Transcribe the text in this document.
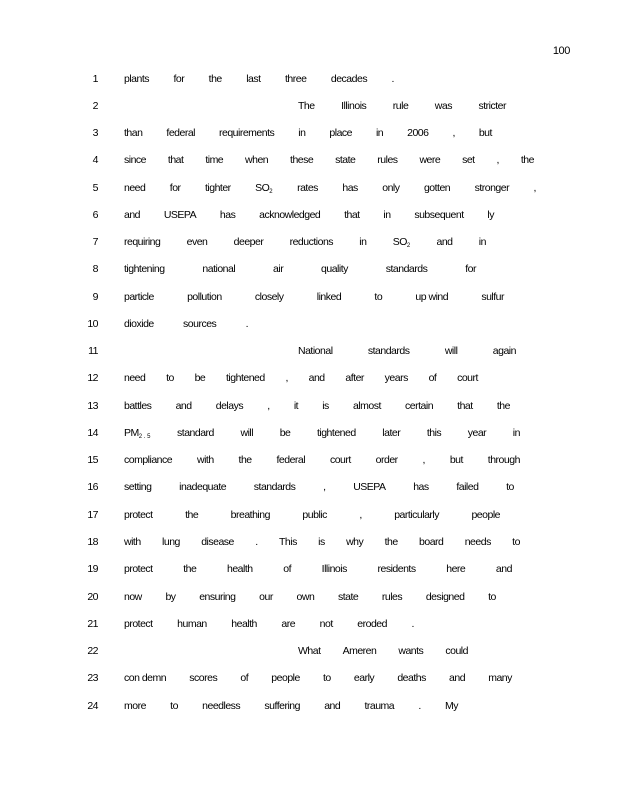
100
1 plants for the last three decades .
2	The	Illinois	rule	was	stricter
3 than federal requirements in place in 2006 , but
4 since that time when these state rules were set , the
5 need for tighter $SO_2$ rates has only gotten stronger ,
6 and USEPA has acknowledged that in subsequent ly
7 requiring	even	deeper	reductions	in	$SO_2$	and	in
8 tightening	national	air	quality	standards	for
9 particle	pollution	closely	linked	to	up wind	sulfur
10 dioxide	sources	.
11	National	standards	will	again
12 need to be tightened , and after years of court
13 battles and delays , it is almost certain that the
14 $PM_{2 . 5}$	standard	will	be	tightened	later	this	year	in
15 compliance with the federal court order , but through
16 setting	inadequate	standards	,	USEPA	has	failed	to
17 protect	the	breathing	public	,	particularly	people
18 with lung disease . This is why the board needs to
19 protect	the	health	of	Illinois	residents	here	and
20 now by ensuring our own state rules designed to
21 protect human health are not eroded .
22	What Ameren wants could
23 con demn scores of people to early deaths and many
24 more to needless suffering and trauma . My
